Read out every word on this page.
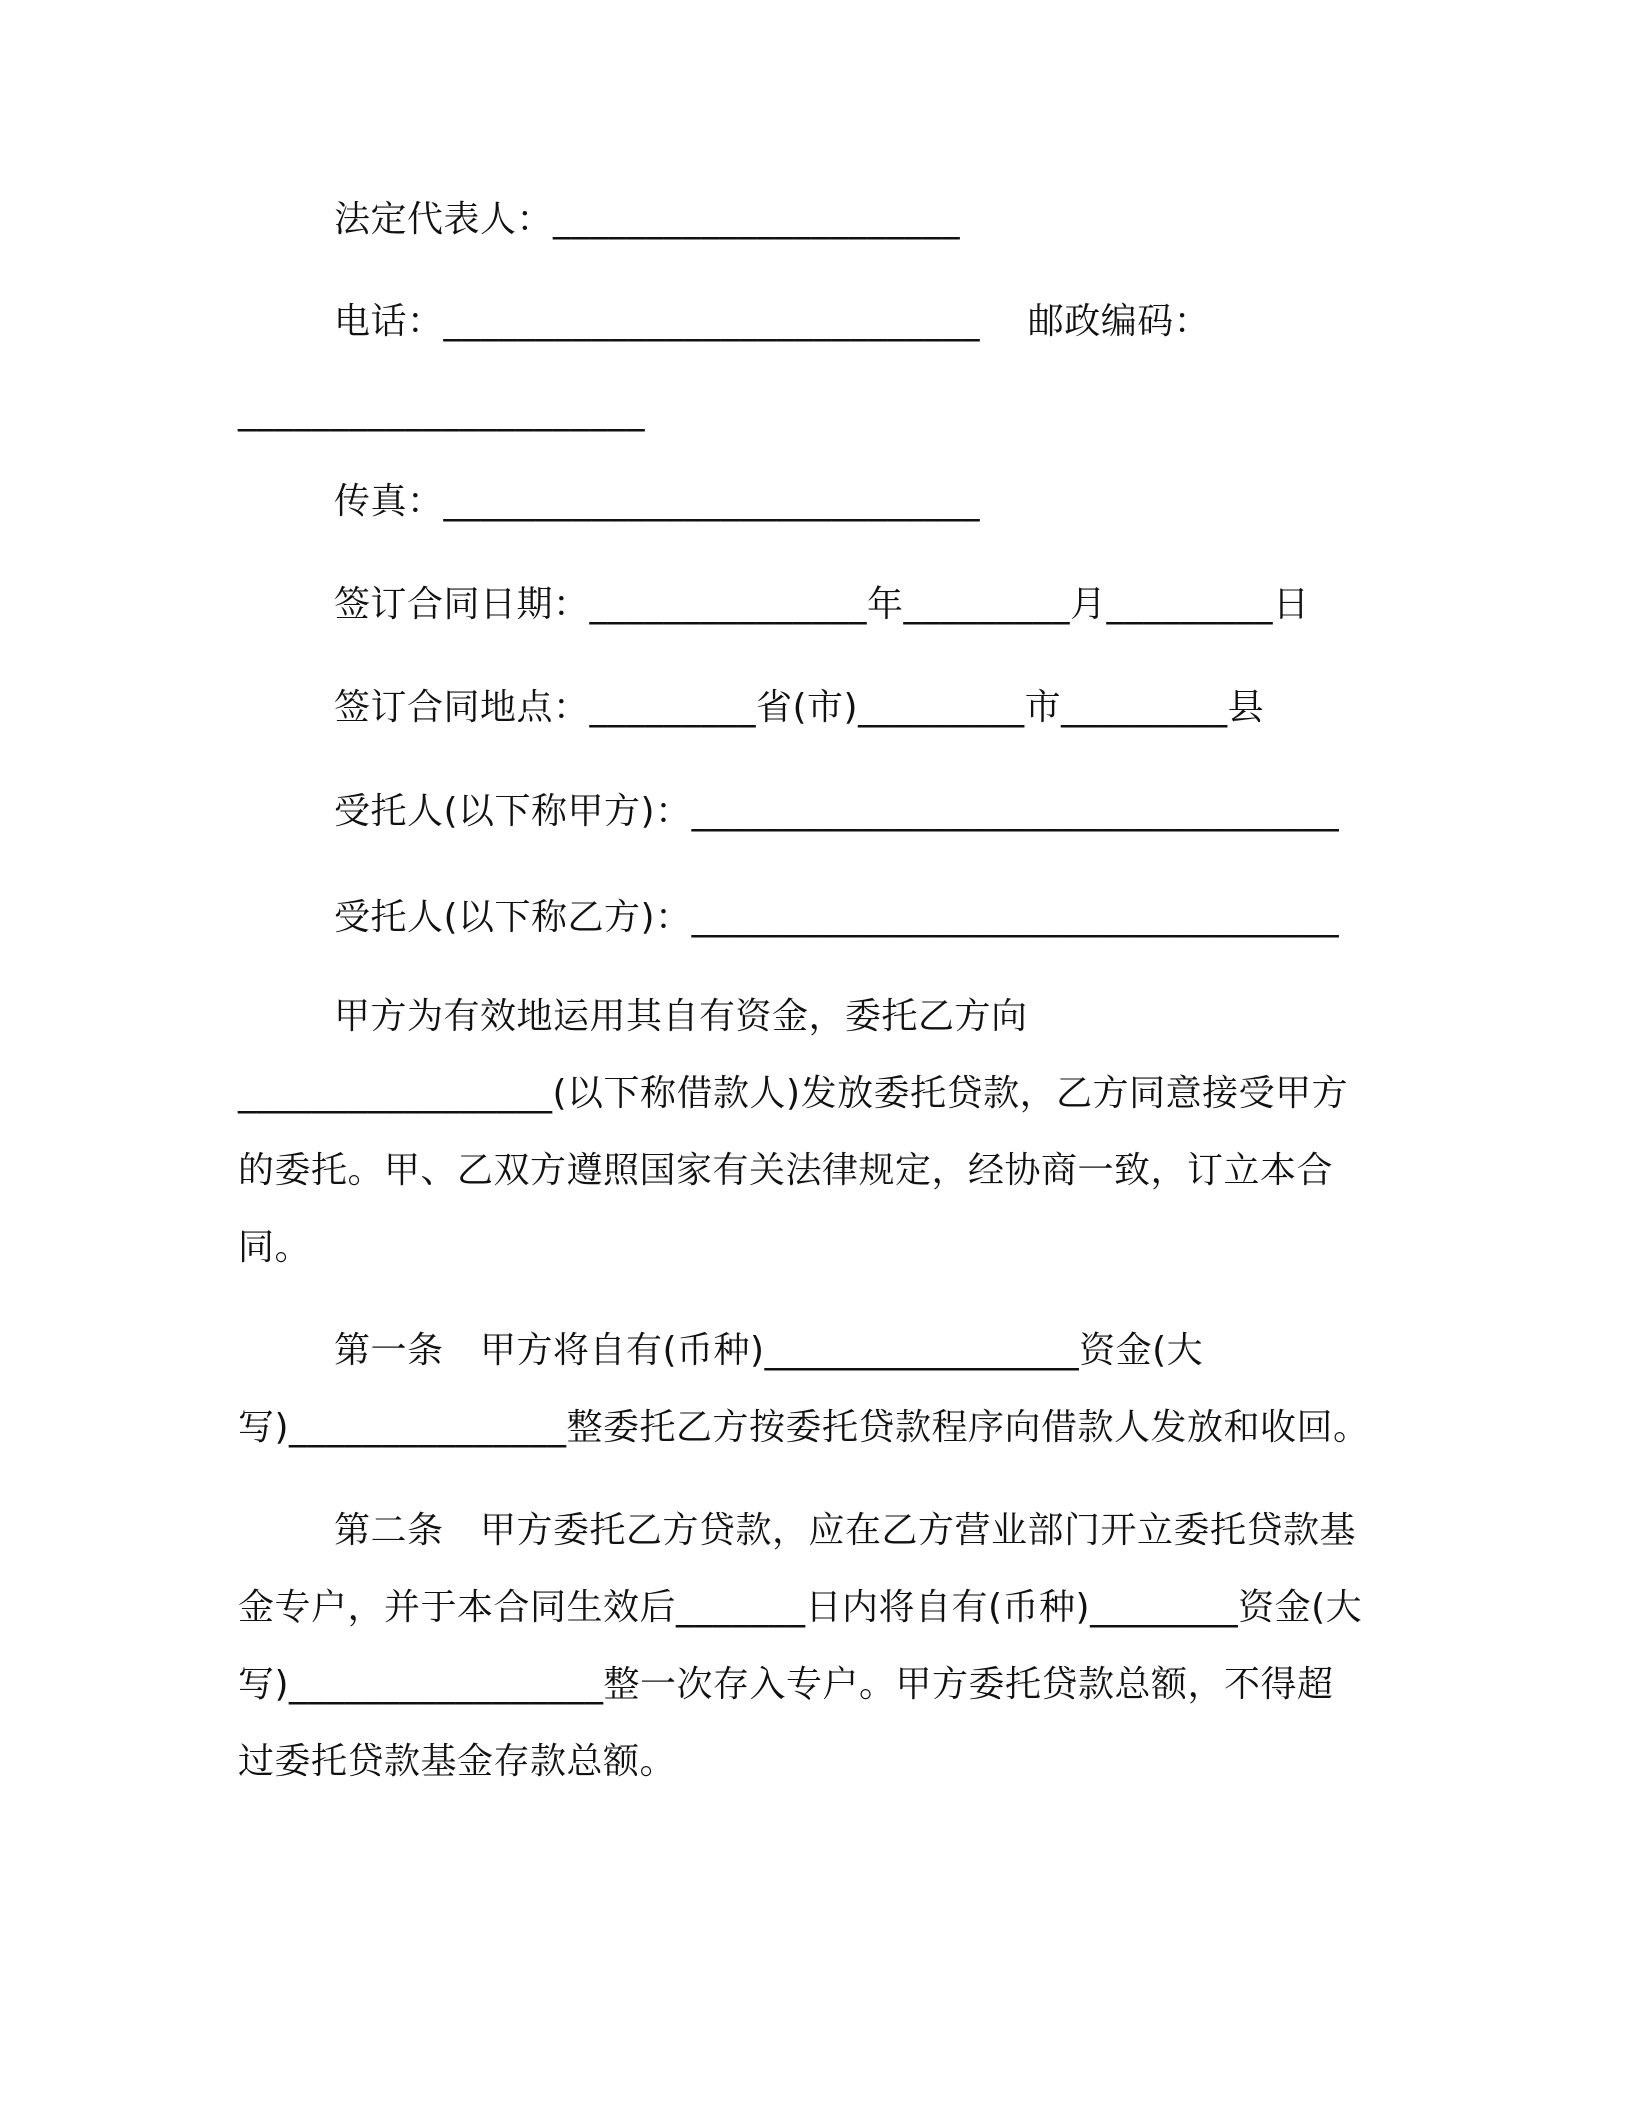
法定代表人：______________________
电话：_____________________________    邮政编码：
______________________
传真：_____________________________
签订合同日期：_______________年_________月_________日
签订合同地点：_________省(市)_________市_________县
受托人(以下称甲方)：___________________________________
受托人(以下称乙方)：___________________________________
甲方为有效地运用其自有资金，委托乙方向
_________________(以下称借款人)发放委托贷款，乙方同意接受甲方
的委托。甲、乙双方遵照国家有关法律规定，经协商一致，订立本合
同。
第一条　甲方将自有(币种)_________________资金(大
写)_______________整委托乙方按委托贷款程序向借款人发放和收回。
第二条　甲方委托乙方贷款，应在乙方营业部门开立委托贷款基
金专户，并于本合同生效后_______日内将自有(币种)________资金(大
写)_________________整一次存入专户。甲方委托贷款总额，不得超
过委托贷款基金存款总额。
